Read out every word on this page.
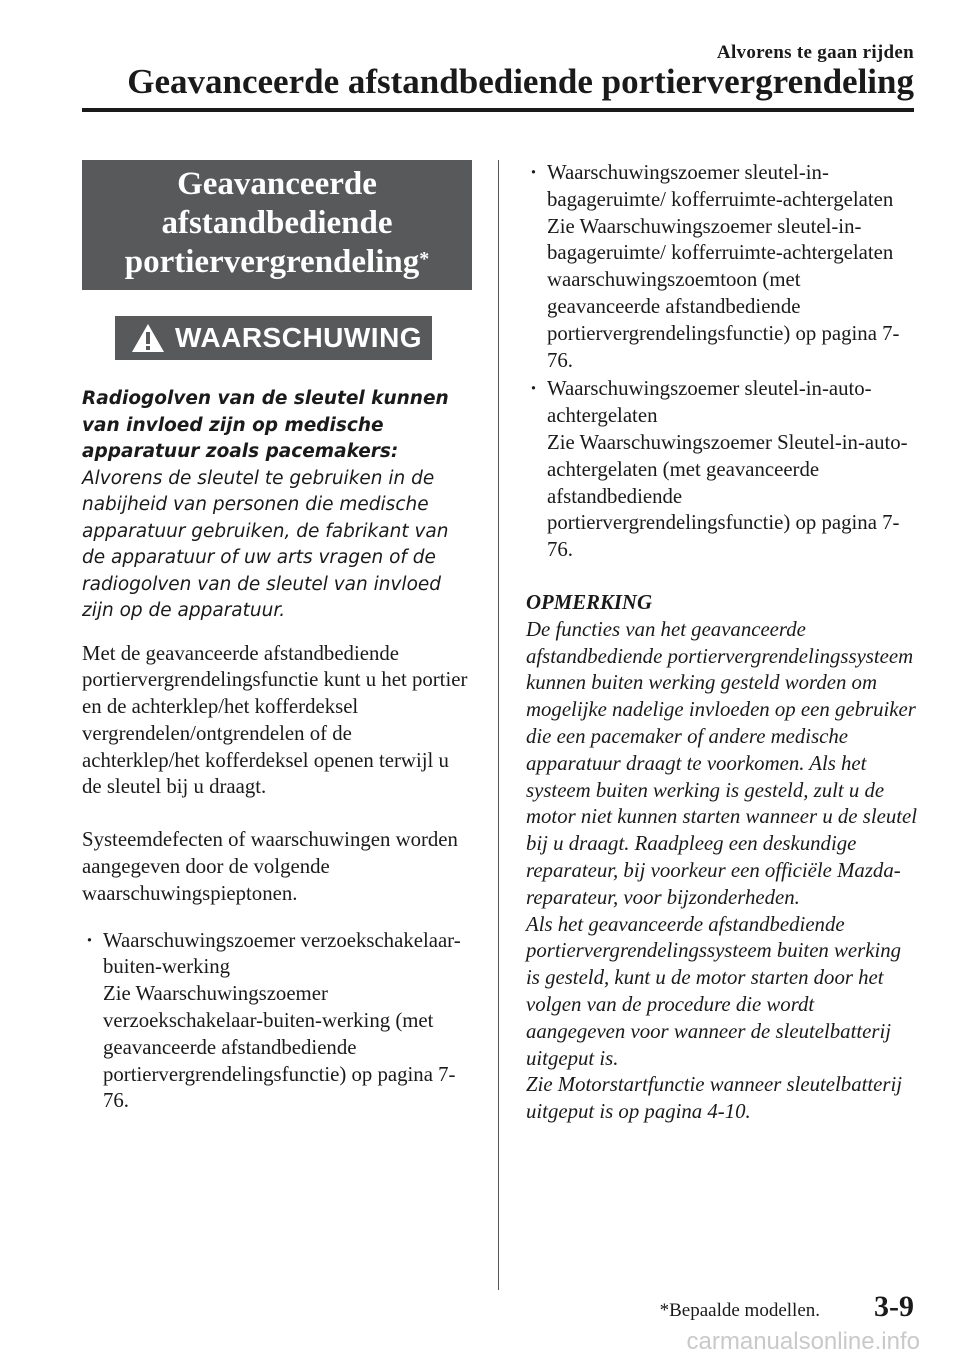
Alvorens te gaan rijden
Geavanceerde afstandbediende portiervergrendeling
Geavanceerde
afstandbediende
portiervergrendeling*
WAARSCHUWING

Radiogolven van de sleutel kunnen van invloed zijn op medische apparatuur zoals pacemakers:
Alvorens de sleutel te gebruiken in de nabijheid van personen die medische apparatuur gebruiken, de fabrikant van de apparatuur of uw arts vragen of de radiogolven van de sleutel van invloed zijn op de apparatuur.

Met de geavanceerde afstandbediende portiervergrendelingsfunctie kunt u het portier en de achterklep/het kofferdeksel vergrendelen/ontgrendelen of de achterklep/het kofferdeksel openen terwijl u de sleutel bij u draagt.

Systeemdefecten of waarschuwingen worden aangegeven door de volgende waarschuwingspieptonen.

· Waarschuwingszoemer verzoekschakelaar-buiten-werking
Zie Waarschuwingszoemer verzoekschakelaar-buiten-werking (met geavanceerde afstandbediende portiervergrendelingsfunctie) op pagina 7-76.
· Waarschuwingszoemer sleutel-in-bagageruimte/ kofferruimte-achtergelaten
Zie Waarschuwingszoemer sleutel-in-bagageruimte/ kofferruimte-achtergelaten waarschuwingszoemtoon (met geavanceerde afstandbediende portiervergrendelingsfunctie) op pagina 7-76.
· Waarschuwingszoemer sleutel-in-auto-achtergelaten
Zie Waarschuwingszoemer Sleutel-in-auto-achtergelaten (met geavanceerde afstandbediende portiervergrendelingsfunctie) op pagina 7-76.

OPMERKING

De functies van het geavanceerde afstandbediende portiervergrendelingssysteem kunnen buiten werking gesteld worden om mogelijke nadelige invloeden op een gebruiker die een pacemaker of andere medische apparatuur draagt te voorkomen. Als het systeem buiten werking is gesteld, zult u de motor niet kunnen starten wanneer u de sleutel bij u draagt. Raadpleeg een deskundige reparateur, bij voorkeur een officiële Mazda-reparateur, voor bijzonderheden.

Als het geavanceerde afstandbediende portiervergrendelingssysteem buiten werking is gesteld, kunt u de motor starten door het volgen van de procedure die wordt aangegeven voor wanneer de sleutelbatterij uitgeput is.

Zie Motorstartfunctie wanneer sleutelbatterij uitgeput is op pagina 4-10.

*Bepaalde modellen. 3-9
carmanualsonline.info
